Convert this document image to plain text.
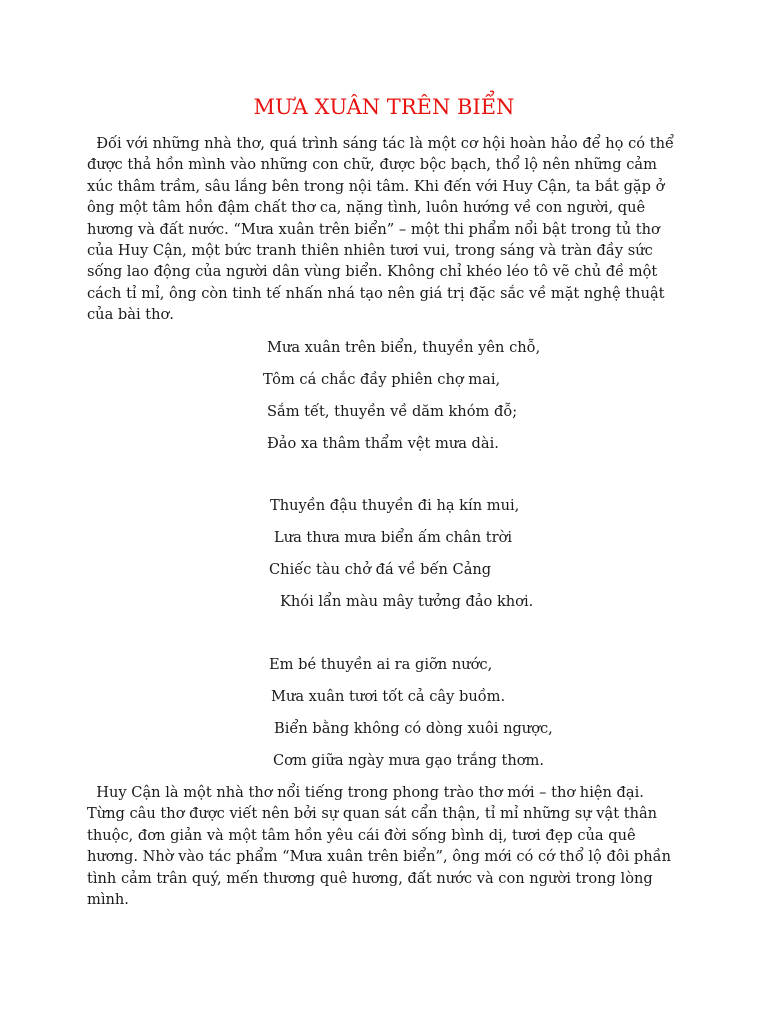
MƯA XUÂN TRÊN BIỂN

Đối với những nhà thơ, quá trình sáng tác là một cơ hội hoàn hảo để họ có thể được thả hồn mình vào những con chữ, được bộc bạch, thổ lộ nên những cảm xúc thâm trầm, sâu lắng bên trong nội tâm. Khi đến với Huy Cận, ta bắt gặp ở ông một tâm hồn đậm chất thơ ca, nặng tình, luôn hướng về con người, quê hương và đất nước. “Mưa xuân trên biển” – một thi phẩm nổi bật trong tủ thơ của Huy Cận, một bức tranh thiên nhiên tươi vui, trong sáng và tràn đầy sức sống lao động của người dân vùng biển. Không chỉ khéo léo tô vẽ chủ đề một cách tỉ mỉ, ông còn tinh tế nhấn nhá tạo nên giá trị đặc sắc về mặt nghệ thuật của bài thơ.

Mưa xuân trên biển, thuyền yên chỗ,
Tôm cá chắc đầy phiên chợ mai,
Sắm tết, thuyền về dăm khóm đỗ;
Đảo xa thâm thẩm vệt mưa dài.
Thuyền đậu thuyền đi hạ kín mui,
Lưa thưa mưa biển ấm chân trời
Chiếc tàu chở đá về bến Cảng
Khói lẩn màu mây tưởng đảo khơi.
Em bé thuyền ai ra giỡn nước,
Mưa xuân tươi tốt cả cây buồm.
Biển bằng không có dòng xuôi ngược,
Cơm giữa ngày mưa gạo trắng thơm.

Huy Cận là một nhà thơ nổi tiếng trong phong trào thơ mới – thơ hiện đại. Từng câu thơ được viết nên bởi sự quan sát cẩn thận, tỉ mỉ những sự vật thân thuộc, đơn giản và một tâm hồn yêu cái đời sống bình dị, tươi đẹp của quê hương. Nhờ vào tác phẩm “Mưa xuân trên biển”, ông mới có cớ thổ lộ đôi phần tình cảm trân quý, mến thương quê hương, đất nước và con người trong lòng mình.
